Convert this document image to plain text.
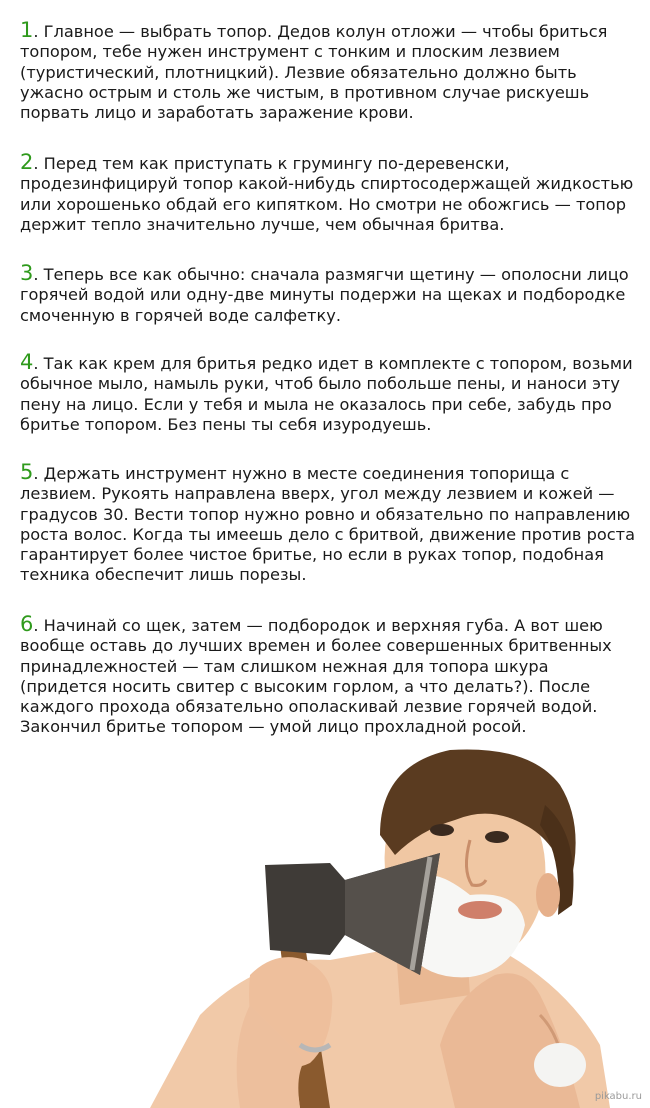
1. Главное — выбрать топор. Дедов колун отложи — чтобы бриться топором, тебе нужен инструмент с тонким и плоским лезвием (туристический, плотницкий). Лезвие обязательно должно быть ужасно острым и столь же чистым, в противном случае рискуешь порвать лицо и заработать заражение крови.

2. Перед тем как приступать к грумингу по-деревенски, продезинфицируй топор какой-нибудь спиртосодержащей жидкостью или хорошенько обдай его кипятком. Но смотри не обожгись — топор держит тепло значительно лучше, чем обычная бритва.

3. Теперь все как обычно: сначала размягчи щетину — ополосни лицо горячей водой или одну-две минуты подержи на щеках и подбородке смоченную в горячей воде салфетку.

4. Так как крем для бритья редко идет в комплекте с топором, возьми обычное мыло, намыль руки, чтоб было побольше пены, и наноси эту пену на лицо. Если у тебя и мыла не оказалось при себе, забудь про бритье топором. Без пены ты себя изуродуешь.

5. Держать инструмент нужно в месте соединения топорища с лезвием. Рукоять направлена вверх, угол между лезвием и кожей — градусов 30. Вести топор нужно ровно и обязательно по направлению роста волос. Когда ты имеешь дело с бритвой, движение против роста гарантирует более чистое бритье, но если в руках топор, подобная техника обеспечит лишь порезы.

6. Начинай со щек, затем — подбородок и верхняя губа. А вот шею вообще оставь до лучших времен и более совершенных бритвенных принадлежностей — там слишком нежная для топора шкура (придется носить свитер с высоким горлом, а что делать?). После каждого прохода обязательно ополаскивай лезвие горячей водой. Закончил бритье топором — умой лицо прохладной росой.

pikabu.ru
